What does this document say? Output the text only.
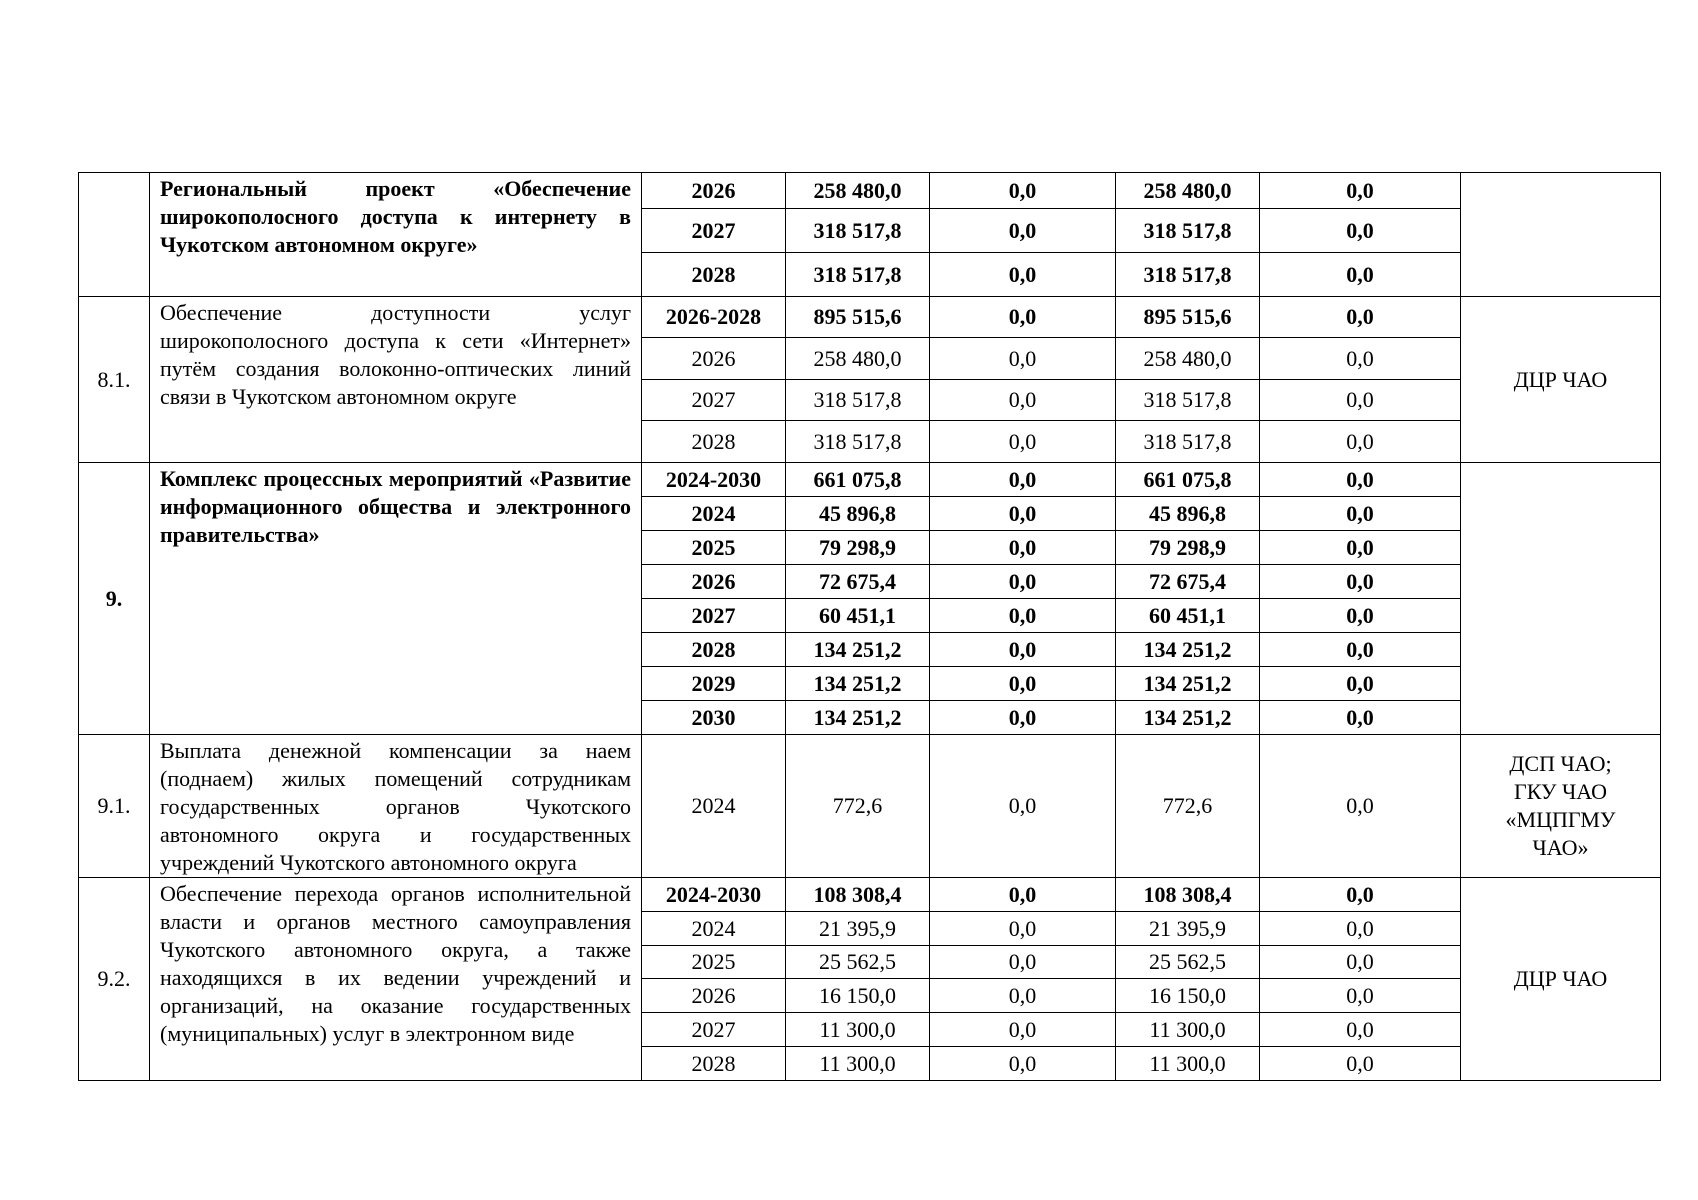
	Региональный проект «Обеспечение широкополосного доступа к интернету в Чукотском автономном округе»	2026	258 480,0	0,0	258 480,0	0,0	
		2027	318 517,8	0,0	318 517,8	0,0	
		2028	318 517,8	0,0	318 517,8	0,0	
8.1.	Обеспечение доступности услуг широкополосного доступа к сети «Интернет» путём создания волоконно-оптических линий связи в Чукотском автономном округе	2026-2028	895 515,6	0,0	895 515,6	0,0	ДЦР ЧАО

		2026	258 480,0	0,0	258 480,0	0,0	
		2027	318 517,8	0,0	318 517,8	0,0	
		2028	318 517,8	0,0	318 517,8	0,0	
9.	Комплекс процессных мероприятий «Развитие информационного общества и электронного правительства»	2024-2030	661 075,8	0,0	661 075,8	0,0	
		2024	45 896,8	0,0	45 896,8	0,0	
		2025	79 298,9	0,0	79 298,9	0,0	
		2026	72 675,4	0,0	72 675,4	0,0	
		2027	60 451,1	0,0	60 451,1	0,0	
		2028	134 251,2	0,0	134 251,2	0,0	
		2029	134 251,2	0,0	134 251,2	0,0	
		2030	134 251,2	0,0	134 251,2	0,0	
9.1.	Выплата денежной компенсации за наем (поднаем) жилых помещений сотрудникам государственных органов Чукотского автономного округа и государственных учреждений Чукотского автономного округа	2024	772,6	0,0	772,6	0,0	ДСП ЧАО;
ГКУ ЧАО
«МЦПГМУ
ЧАО»

9.2.	Обеспечение перехода органов исполнительной власти и органов местного самоуправления Чукотского автономного округа, а также находящихся в их ведении учреждений и организаций, на оказание государственных (муниципальных) услуг в электронном виде	2024-2030	108 308,4	0,0	108 308,4	0,0	ДЦР ЧАО

		2024	21 395,9	0,0	21 395,9	0,0	
		2025	25 562,5	0,0	25 562,5	0,0	
		2026	16 150,0	0,0	16 150,0	0,0	
		2027	11 300,0	0,0	11 300,0	0,0	
		2028	11 300,0	0,0	11 300,0	0,0	
